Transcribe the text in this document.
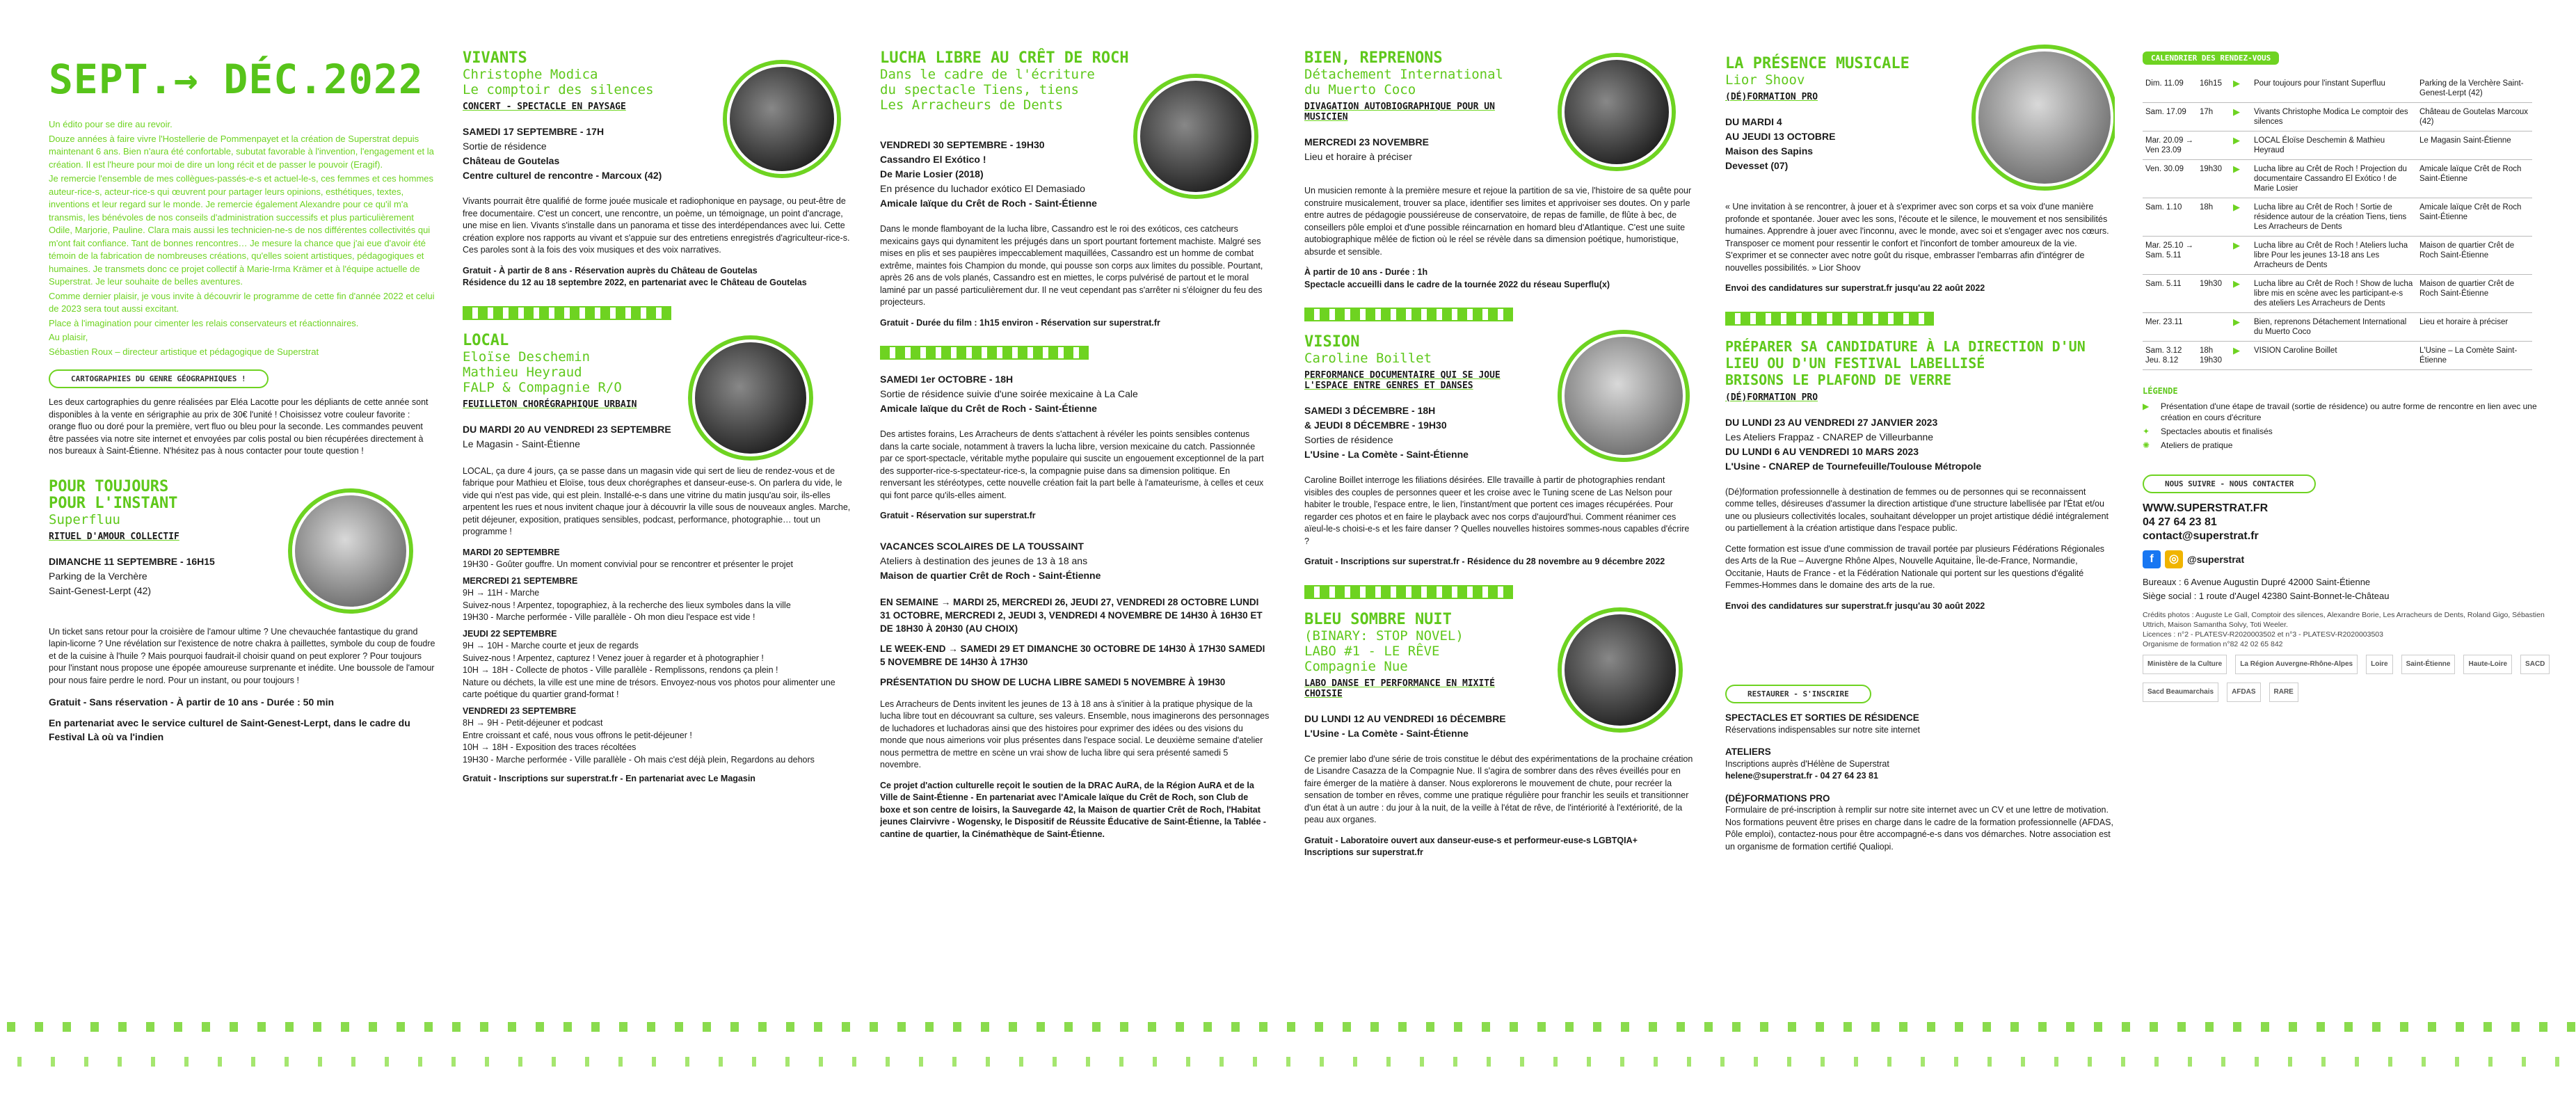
SEPT.→ DÉC.2022

Un édito pour se dire au revoir.

Douze années à faire vivre l'Hostellerie de Pommenpayet et la création de Superstrat depuis maintenant 6 ans. Bien n'aura été confortable, subutat favorable à l'invention, l'engagement et la création. Il est l'heure pour moi de dire un long récit et de passer le pouvoir (Eragif).

Je remercie l'ensemble de mes collègues-passés-e-s et actuel-le-s, ces femmes et ces hommes auteur-rice-s, acteur-rice-s qui œuvrent pour partager leurs opinions, esthétiques, textes, inventions et leur regard sur le monde. Je remercie également Alexandre pour ce qu'il m'a transmis, les bénévoles de nos conseils d'administration successifs et plus particulièrement Odile, Marjorie, Pauline. Clara mais aussi les technicien-ne-s de nos différentes collectivités qui m'ont fait confiance. Tant de bonnes rencontres… Je mesure la chance que j'ai eue d'avoir été témoin de la fabrication de nombreuses créations, qu'elles soient artistiques, pédagogiques et humaines. Je transmets donc ce projet collectif à Marie-Irma Krämer et à l'équipe actuelle de Superstrat. Je leur souhaite de belles aventures.

Comme dernier plaisir, je vous invite à découvrir le programme de cette fin d'année 2022 et celui de 2023 sera tout aussi excitant.

Place à l'imagination pour cimenter les relais conservateurs et réactionnaires.

Au plaisir,

Sébastien Roux – directeur artistique et pédagogique de Superstrat

CARTOGRAPHIES DU GENRE GÉOGRAPHIQUES !

Les deux cartographies du genre réalisées par Eléa Lacotte pour les dépliants de cette année sont disponibles à la vente en sérigraphie au prix de 30€ l'unité ! Choisissez votre couleur favorite : orange fluo ou doré pour la première, vert fluo ou bleu pour la seconde. Les commandes peuvent être passées via notre site internet et envoyées par colis postal ou bien récupérées directement à nos bureaux à Saint-Étienne. N'hésitez pas à nous contacter pour toute question !

POUR TOUJOURS
POUR L'INSTANT
Superfluu
RITUEL D'AMOUR COLLECTIF
DIMANCHE 11 SEPTEMBRE - 16H15
Parking de la Verchère
Saint-Genest-Lerpt (42)

Un ticket sans retour pour la croisière de l'amour ultime ? Une chevauchée fantastique du grand lapin-licorne ? Une révélation sur l'existence de notre chakra à paillettes, symbole du coup de foudre et de la cuisine à l'huile ? Mais pourquoi faudrait-il choisir quand on peut explorer ? Pour toujours pour l'instant nous propose une épopée amoureuse surprenante et inédite. Une boussole de l'amour pour nous faire perdre le nord. Pour un instant, ou pour toujours !

Gratuit - Sans réservation - À partir de 10 ans - Durée : 50 min

En partenariat avec le service culturel de Saint-Genest-Lerpt, dans le cadre du Festival Là où va l'indien

VIVANTS
Christophe Modica
Le comptoir des silences
CONCERT - SPECTACLE EN PAYSAGE
SAMEDI 17 SEPTEMBRE - 17H
Sortie de résidence
Château de Goutelas
Centre culturel de rencontre - Marcoux (42)

Vivants pourrait être qualifié de forme jouée musicale et radiophonique en paysage, ou peut-être de free documentaire. C'est un concert, une rencontre, un poème, un témoignage, un point d'ancrage, une mise en lien. Vivants s'installe dans un panorama et tisse des interdépendances avec lui. Cette création explore nos rapports au vivant et s'appuie sur des entretiens enregistrés d'agriculteur-rice-s. Ces paroles sont à la fois des voix musiques et des voix narratives.

Gratuit - À partir de 8 ans - Réservation auprès du Château de Goutelas

Résidence du 12 au 18 septembre 2022, en partenariat avec le Château de Goutelas

LOCAL
Eloïse Deschemin
Mathieu Heyraud
FALP & Compagnie R/O
FEUILLETON CHORÉGRAPHIQUE URBAIN
DU MARDI 20 AU VENDREDI 23 SEPTEMBRE
Le Magasin - Saint-Étienne

LOCAL, ça dure 4 jours, ça se passe dans un magasin vide qui sert de lieu de rendez-vous et de fabrique pour Mathieu et Eloïse, tous deux chorégraphes et danseur-euse-s. On parlera du vide, le vide qui n'est pas vide, qui est plein. Installé-e-s dans une vitrine du matin jusqu'au soir, ils-elles arpentent les rues et nous invitent chaque jour à découvrir la ville sous de nouveaux angles. Marche, petit déjeuner, exposition, pratiques sensibles, podcast, performance, photographie… tout un programme !

MARDI 20 SEPTEMBRE

19H30 - Goûter gouffre. Un moment convivial pour se rencontrer et présenter le projet

MERCREDI 21 SEPTEMBRE

9H → 11H - Marche

Suivez-nous ! Arpentez, topographiez, à la recherche des lieux symboles dans la ville

19H30 - Marche performée - Ville parallèle - Oh mon dieu l'espace est vide !

JEUDI 22 SEPTEMBRE

9H → 10H - Marche courte et jeux de regards

Suivez-nous ! Arpentez, capturez ! Venez jouer à regarder et à photographier !

10H → 18H - Collecte de photos - Ville parallèle - Remplissons, rendons ça plein !

Nature ou déchets, la ville est une mine de trésors. Envoyez-nous vos photos pour alimenter une carte poétique du quartier grand-format !

VENDREDI 23 SEPTEMBRE

8H → 9H - Petit-déjeuner et podcast

Entre croissant et café, nous vous offrons le petit-déjeuner !

10H → 18H - Exposition des traces récoltées

19H30 - Marche performée - Ville parallèle - Oh mais c'est déjà plein, Regardons au dehors

Gratuit - Inscriptions sur superstrat.fr - En partenariat avec Le Magasin

LUCHA LIBRE AU CRÊT DE ROCH
Dans le cadre de l'écriture du spectacle Tiens, tiens
Les Arracheurs de Dents
VENDREDI 30 SEPTEMBRE - 19H30
Cassandro El Exótico !
De Marie Losier (2018)
En présence du luchador exótico El Demasiado
Amicale laïque du Crêt de Roch - Saint-Étienne

Dans le monde flamboyant de la lucha libre, Cassandro est le roi des exóticos, ces catcheurs mexicains gays qui dynamitent les préjugés dans un sport pourtant fortement machiste. Malgré ses mises en plis et ses paupières impeccablement maquillées, Cassandro est un homme de combat extrême, maintes fois Champion du monde, qui pousse son corps aux limites du possible. Pourtant, après 26 ans de vols planés, Cassandro est en miettes, le corps pulvérisé de partout et le moral laminé par un passé particulièrement dur. Il ne veut cependant pas s'arrêter ni s'éloigner du feu des projecteurs.

Gratuit - Durée du film : 1h15 environ - Réservation sur superstrat.fr

SAMEDI 1er OCTOBRE - 18H
Sortie de résidence suivie d'une soirée mexicaine à La Cale
Amicale laïque du Crêt de Roch - Saint-Étienne

Des artistes forains, Les Arracheurs de dents s'attachent à révéler les points sensibles contenus dans la carte sociale, notamment à travers la lucha libre, version mexicaine du catch. Passionnée par ce sport-spectacle, véritable mythe populaire qui suscite un engouement exceptionnel de la part des supporter-rice-s-spectateur-rice-s, la compagnie puise dans sa dimension politique. En renversant les stéréotypes, cette nouvelle création fait la part belle à l'amateurisme, à celles et ceux qui font parce qu'ils-elles aiment.

Gratuit - Réservation sur superstrat.fr

VACANCES SCOLAIRES DE LA TOUSSAINT
Ateliers à destination des jeunes de 13 à 18 ans
Maison de quartier Crêt de Roch - Saint-Étienne

EN SEMAINE → MARDI 25, MERCREDI 26, JEUDI 27, VENDREDI 28 OCTOBRE LUNDI 31 OCTOBRE, MERCREDI 2, JEUDI 3, VENDREDI 4 NOVEMBRE DE 14H30 À 16H30 ET DE 18H30 À 20H30 (AU CHOIX)

LE WEEK-END → SAMEDI 29 ET DIMANCHE 30 OCTOBRE DE 14H30 À 17H30 SAMEDI 5 NOVEMBRE DE 14H30 À 17H30

PRÉSENTATION DU SHOW DE LUCHA LIBRE SAMEDI 5 NOVEMBRE À 19H30

Les Arracheurs de Dents invitent les jeunes de 13 à 18 ans à s'initier à la pratique physique de la lucha libre tout en découvrant sa culture, ses valeurs. Ensemble, nous imaginerons des personnages de luchadores et luchadoras ainsi que des histoires pour exprimer des idées ou des visions du monde que nous aimerions voir plus présentes dans l'espace social. Le deuxième semaine d'atelier nous permettra de mettre en scène un vrai show de lucha libre qui sera présenté samedi 5 novembre.

Ce projet d'action culturelle reçoit le soutien de la DRAC AuRA, de la Région AuRA et de la Ville de Saint-Étienne - En partenariat avec l'Amicale laïque du Crêt de Roch, son Club de boxe et son centre de loisirs, la Sauvegarde 42, la Maison de quartier Crêt de Roch, l'Habitat jeunes Clairvivre - Wogensky, le Dispositif de Réussite Éducative de Saint-Étienne, la Tablée - cantine de quartier, la Cinémathèque de Saint-Étienne.

BIEN, REPRENONS
Détachement International
du Muerto Coco
DIVAGATION AUTOBIOGRAPHIQUE POUR UN MUSICIEN
MERCREDI 23 NOVEMBRE
Lieu et horaire à préciser

Un musicien remonte à la première mesure et rejoue la partition de sa vie, l'histoire de sa quête pour construire musicalement, trouver sa place, identifier ses limites et apprivoiser ses doutes. On y parle entre autres de pédagogie poussiéreuse de conservatoire, de repas de famille, de flûte à bec, de conseillers pôle emploi et d'une possible réincarnation en homard bleu d'Atlantique. C'est une suite autobiographique mêlée de fiction où le réel se révèle dans sa dimension poétique, humoristique, absurde et sensible.

À partir de 10 ans - Durée : 1h

Spectacle accueilli dans le cadre de la tournée 2022 du réseau Superflu(x)

VISION
Caroline Boillet
PERFORMANCE DOCUMENTAIRE QUI SE JOUE L'ESPACE ENTRE GENRES ET DANSES
SAMEDI 3 DÉCEMBRE - 18H
& JEUDI 8 DÉCEMBRE - 19H30
Sorties de résidence
L'Usine - La Comète - Saint-Étienne

Caroline Boillet interroge les filiations désirées. Elle travaille à partir de photographies rendant visibles des couples de personnes queer et les croise avec le Tuning scene de Las Nelson pour habiter le trouble, l'espace entre, le lien, l'instant/ment que portent ces images récupérées. Pour regarder ces photos et en faire le playback avec nos corps d'aujourd'hui. Comment réanimer ces aïeul-le-s choisi-e-s et les faire danser ? Quelles nouvelles histoires sommes-nous capables d'écrire ?

Gratuit - Inscriptions sur superstrat.fr - Résidence du 28 novembre au 9 décembre 2022

BLEU SOMBRE NUIT
(BINARY: STOP NOVEL)
LABO #1 - LE RÊVE
Compagnie Nue
LABO DANSE ET PERFORMANCE EN MIXITÉ CHOISIE
DU LUNDI 12 AU VENDREDI 16 DÉCEMBRE
L'Usine - La Comète - Saint-Étienne

Ce premier labo d'une série de trois constitue le début des expérimentations de la prochaine création de Lisandre Casazza de la Compagnie Nue. Il s'agira de sombrer dans des rêves éveillés pour en faire émerger de la matière à danser. Nous explorerons le mouvement de chute, pour recréer la sensation de tomber en rêves, comme une pratique régulière pour franchir les seuils et transitionner d'un état à un autre : du jour à la nuit, de la veille à l'état de rêve, de l'intériorité à l'extériorité, de la peau aux organes.

Gratuit - Laboratoire ouvert aux danseur-euse-s et performeur-euse-s LGBTQIA+

Inscriptions sur superstrat.fr

LA PRÉSENCE MUSICALE
Lior Shoov
(DÉ)FORMATION PRO
DU MARDI 4
AU JEUDI 13 OCTOBRE
Maison des Sapins
Devesset (07)

« Une invitation à se rencontrer, à jouer et à s'exprimer avec son corps et sa voix d'une manière profonde et spontanée. Jouer avec les sons, l'écoute et le silence, le mouvement et nos sensibilités humaines. Apprendre à jouer avec l'inconnu, avec le monde, avec soi et s'engager avec nos cœurs. Transposer ce moment pour ressentir le confort et l'inconfort de tomber amoureux de la vie. S'exprimer et se connecter avec notre goût du risque, embrasser l'embarras afin d'intégrer de nouvelles possibilités. » Lior Shoov

Envoi des candidatures sur superstrat.fr jusqu'au 22 août 2022

PRÉPARER SA CANDIDATURE À LA DIRECTION D'UN LIEU OU D'UN FESTIVAL LABELLISÉ
BRISONS LE PLAFOND DE VERRE
(DÉ)FORMATION PRO
DU LUNDI 23 AU VENDREDI 27 JANVIER 2023
Les Ateliers Frappaz - CNAREP de Villeurbanne
DU LUNDI 6 AU VENDREDI 10 MARS 2023
L'Usine - CNAREP de Tournefeuille/Toulouse Métropole

(Dé)formation professionnelle à destination de femmes ou de personnes qui se reconnaissent comme telles, désireuses d'assumer la direction artistique d'une structure labellisée par l'État et/ou une ou plusieurs collectivités locales, souhaitant développer un projet artistique dédié intégralement ou partiellement à la création artistique dans l'espace public.

Cette formation est issue d'une commission de travail portée par plusieurs Fédérations Régionales des Arts de la Rue – Auvergne Rhône Alpes, Nouvelle Aquitaine, Île-de-France, Normandie, Occitanie, Hauts de France - et la Fédération Nationale qui portent sur les questions d'égalité Femmes-Hommes dans le domaine des arts de la rue.

Envoi des candidatures sur superstrat.fr jusqu'au 30 août 2022

RESTAURER - S'INSCRIRE

SPECTACLES ET SORTIES DE RÉSIDENCE

Réservations indispensables sur notre site internet

ATELIERS

Inscriptions auprès d'Hélène de Superstrat

helene@superstrat.fr - 04 27 64 23 81

(DÉ)FORMATIONS PRO

Formulaire de pré-inscription à remplir sur notre site internet avec un CV et une lettre de motivation. Nos formations peuvent être prises en charge dans le cadre de la formation professionnelle (AFDAS, Pôle emploi), contactez-nous pour être accompagné-e-s dans vos démarches. Notre association est un organisme de formation certifié Qualiopi.

CALENDRIER DES RENDEZ-VOUS
Dim. 11.09	16h15	▶	Pour toujours pour l'instant Superfluu	Parking de la Verchère Saint-Genest-Lerpt (42)
Sam. 17.09	17h	▶	Vivants Christophe Modica Le comptoir des silences	Château de Goutelas Marcoux (42)
Mar. 20.09 → Ven 23.09		▶	LOCAL Éloïse Deschemin & Mathieu Heyraud	Le Magasin Saint-Étienne
Ven. 30.09	19h30	▶	Lucha libre au Crêt de Roch ! Projection du documentaire Cassandro El Exótico ! de Marie Losier	Amicale laïque Crêt de Roch Saint-Étienne
Sam. 1.10	18h	▶	Lucha libre au Crêt de Roch ! Sortie de résidence autour de la création Tiens, tiens Les Arracheurs de Dents	Amicale laïque Crêt de Roch Saint-Étienne
Mar. 25.10 → Sam. 5.11		▶	Lucha libre au Crêt de Roch ! Ateliers lucha libre Pour les jeunes 13-18 ans Les Arracheurs de Dents	Maison de quartier Crêt de Roch Saint-Étienne
Sam. 5.11	19h30	▶	Lucha libre au Crêt de Roch ! Show de lucha libre mis en scène avec les participant-e-s des ateliers Les Arracheurs de Dents	Maison de quartier Crêt de Roch Saint-Étienne
Mer. 23.11		▶	Bien, reprenons Détachement International du Muerto Coco	Lieu et horaire à préciser
Sam. 3.12 Jeu. 8.12	18h 19h30	▶	VISION Caroline Boillet	L'Usine – La Comète Saint-Étienne
LÉGENDE
▶	Présentation d'une étape de travail (sortie de résidence) ou autre forme de rencontre en lien avec une création en cours d'écriture
✦	Spectacles aboutis et finalisés
✺	Ateliers de pratique
NOUS SUIVRE - NOUS CONTACTER
WWW.SUPERSTRAT.FR
04 27 64 23 81
contact@superstrat.fr
f	◎ @superstrat
Bureaux : 6 Avenue Augustin Dupré 42000 Saint-Étienne
Siège social : 1 route d'Augel 42380 Saint-Bonnet-le-Château
Crédits photos : Auguste Le Gall, Comptoir des silences, Alexandre Borie, Les Arracheurs de Dents, Roland Gigo, Sébastien Uttrich, Maison Samantha Solvy, Toti Weeler.
Licences : n°2 - PLATESV-R2020003502 et n°3 - PLATESV-R2020003503
Organisme de formation n°82 42 02 65 842
Ministère de la Culture	La Région Auvergne-Rhône-Alpes	Loire	Saint-Étienne	Haute-Loire	SACD
Sacd Beaumarchais	AFDAS	RARE
